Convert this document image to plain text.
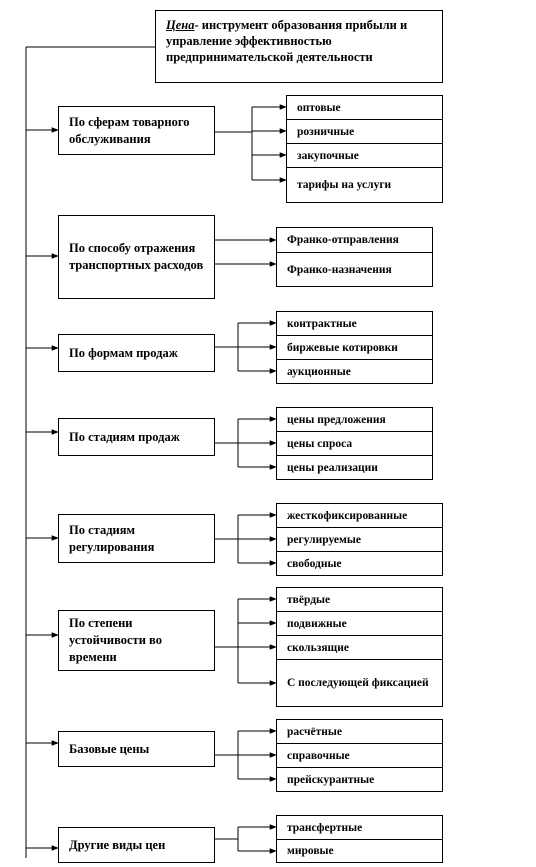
Цена- инструмент образования прибыли и управление эффективностью предпринимательской деятельности
По сферам товарного обслуживания
оптовые
розничные
закупочные
тарифы на услуги
По способу отражения транспортных расходов
Франко-отправления
Франко-назначения
По формам продаж
контрактные
биржевые котировки
аукционные
По стадиям продаж
цены предложения
цены спроса
цены реализации
По стадиям регулирования
жесткофиксированные
регулируемые
свободные
По степени устойчивости во времени
твёрдые
подвижные
скользящие
С последующей фиксацией
Базовые цены
расчётные
справочные
прейскурантные
Другие виды цен
трансфертные
мировые
